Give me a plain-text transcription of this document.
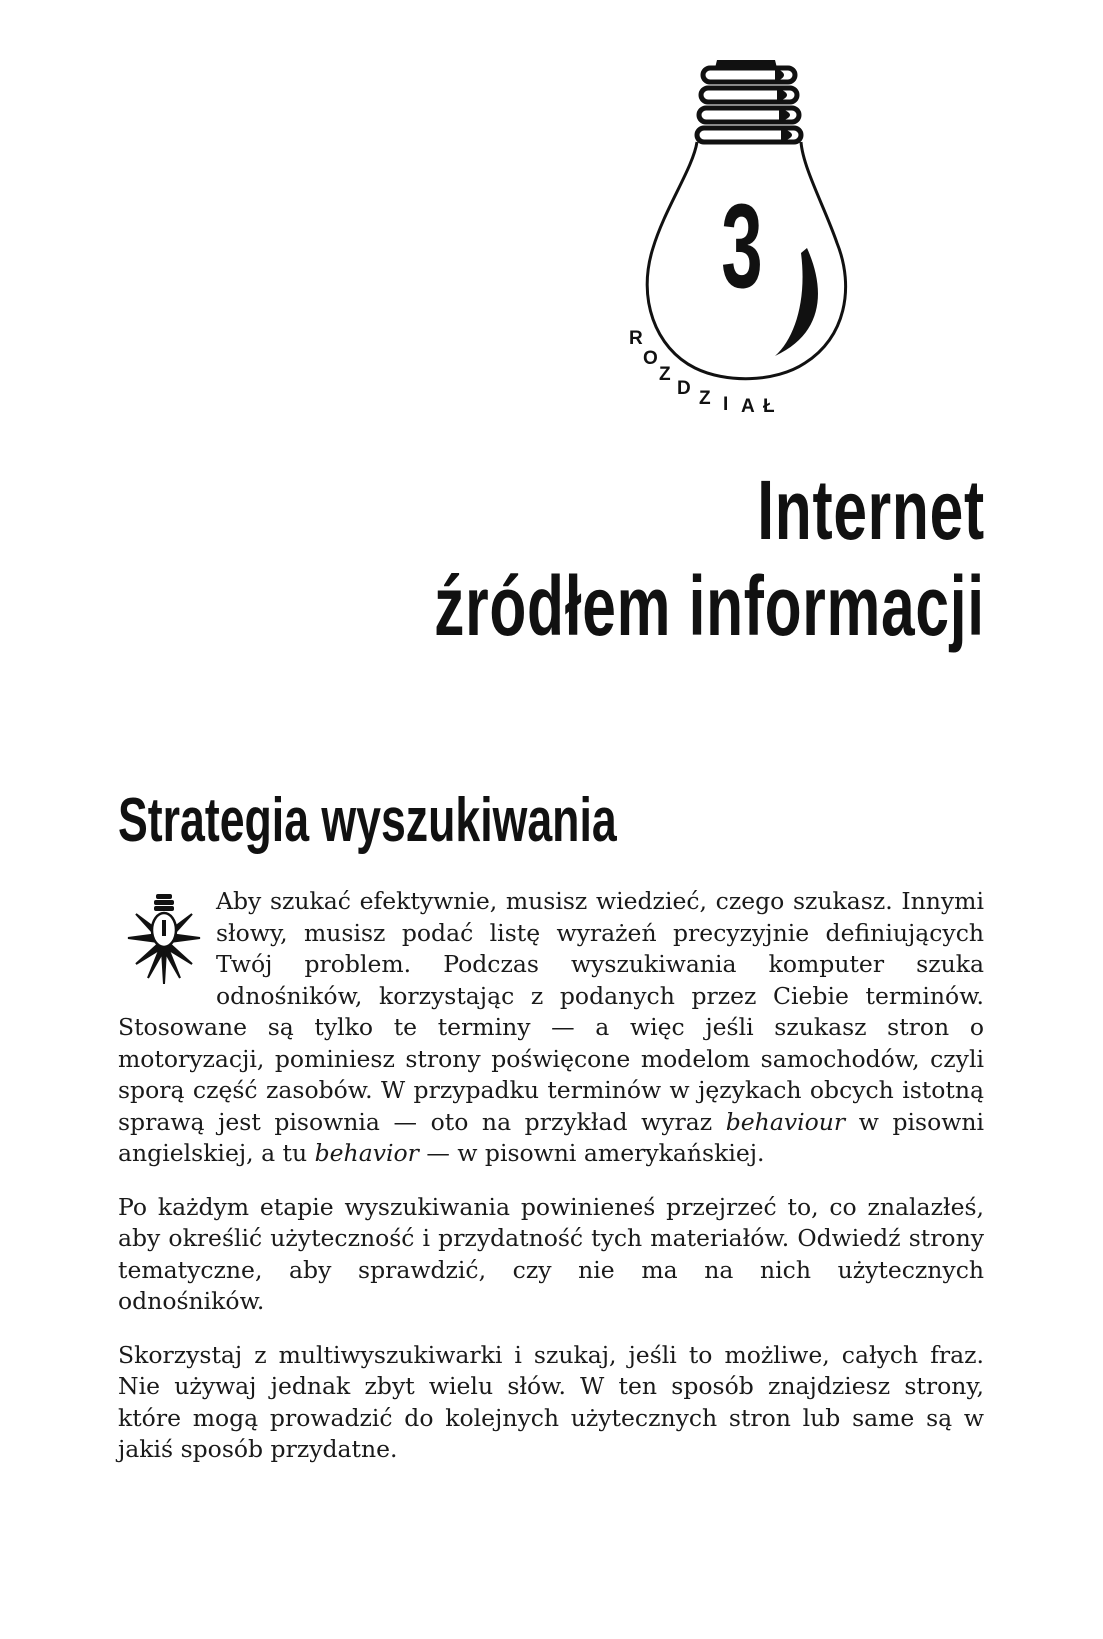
R O Z D Z I A Ł
3
Internet
źródłem informacji
Strategia wyszukiwania

Aby szukać efektywnie, musisz wiedzieć, czego szukasz. Innymi słowy, musisz podać listę wyrażeń precyzyjnie definiujących Twój problem. Podczas wyszukiwania komputer szuka odnośników, korzystając z podanych przez Ciebie terminów. Stosowane są tylko te terminy — a więc jeśli szukasz stron o motoryzacji, pominiesz strony poświęcone modelom samochodów, czyli sporą część zasobów. W przypadku terminów w językach obcych istotną sprawą jest pisownia — oto na przykład wyraz behaviour w pisowni angielskiej, a tu behavior — w pisowni amerykańskiej.

Po każdym etapie wyszukiwania powinieneś przejrzeć to, co znalazłeś, aby określić użyteczność i przydatność tych materiałów. Odwiedź strony tematyczne, aby sprawdzić, czy nie ma na nich użytecznych odnośników.

Skorzystaj z multiwyszukiwarki i szukaj, jeśli to możliwe, całych fraz. Nie używaj jednak zbyt wielu słów. W ten sposób znajdziesz strony, które mogą prowadzić do kolejnych użytecznych stron lub same są w jakiś sposób przydatne.
